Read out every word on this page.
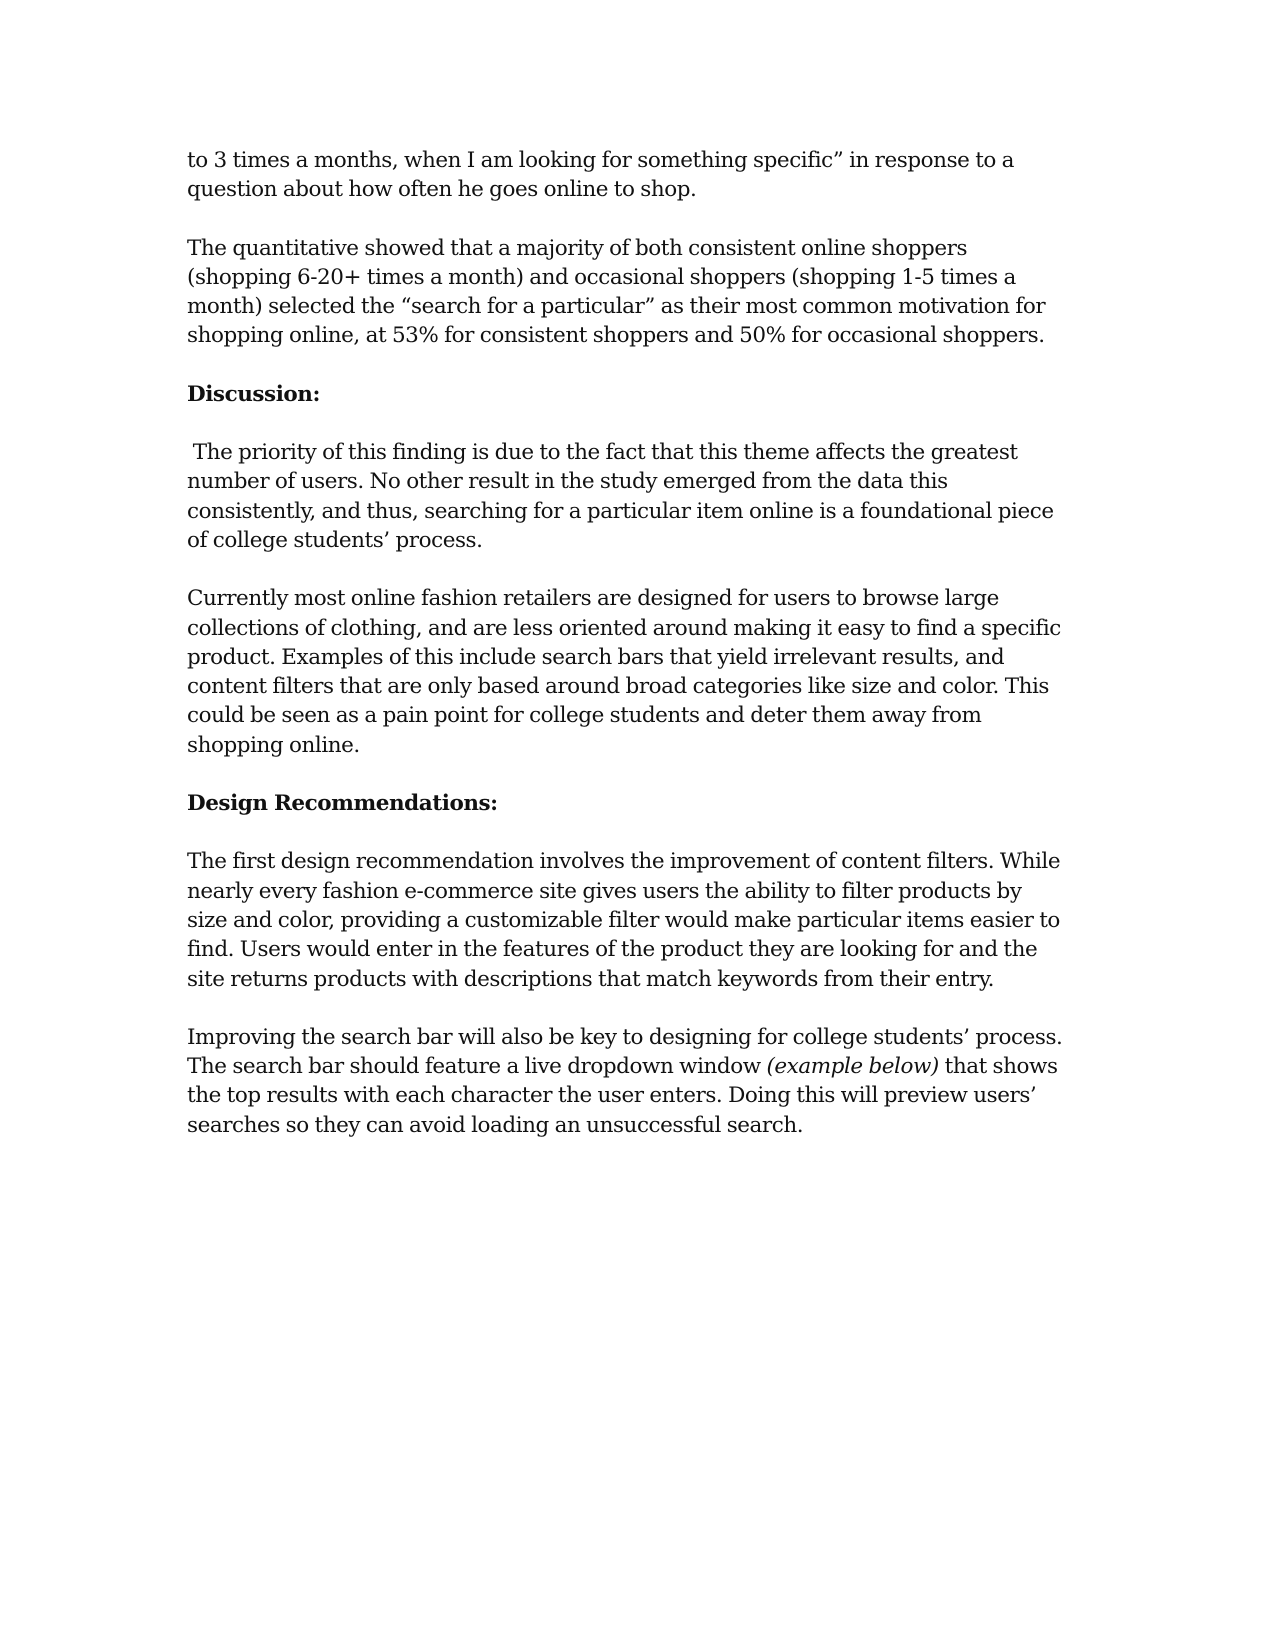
to 3 times a months, when I am looking for something specific” in response to a
question about how often he goes online to shop.

The quantitative showed that a majority of both consistent online shoppers
(shopping 6-20+ times a month) and occasional shoppers (shopping 1-5 times a
month) selected the “search for a particular” as their most common motivation for
shopping online, at 53% for consistent shoppers and 50% for occasional shoppers.

Discussion:

The priority of this finding is due to the fact that this theme affects the greatest
number of users. No other result in the study emerged from the data this
consistently, and thus, searching for a particular item online is a foundational piece
of college students’ process.

Currently most online fashion retailers are designed for users to browse large
collections of clothing, and are less oriented around making it easy to find a specific
product. Examples of this include search bars that yield irrelevant results, and
content filters that are only based around broad categories like size and color. This
could be seen as a pain point for college students and deter them away from
shopping online.

Design Recommendations:

The first design recommendation involves the improvement of content filters. While
nearly every fashion e-commerce site gives users the ability to filter products by
size and color, providing a customizable filter would make particular items easier to
find. Users would enter in the features of the product they are looking for and the
site returns products with descriptions that match keywords from their entry.

Improving the search bar will also be key to designing for college students’ process.
The search bar should feature a live dropdown window (example below) that shows
the top results with each character the user enters. Doing this will preview users’
searches so they can avoid loading an unsuccessful search.
